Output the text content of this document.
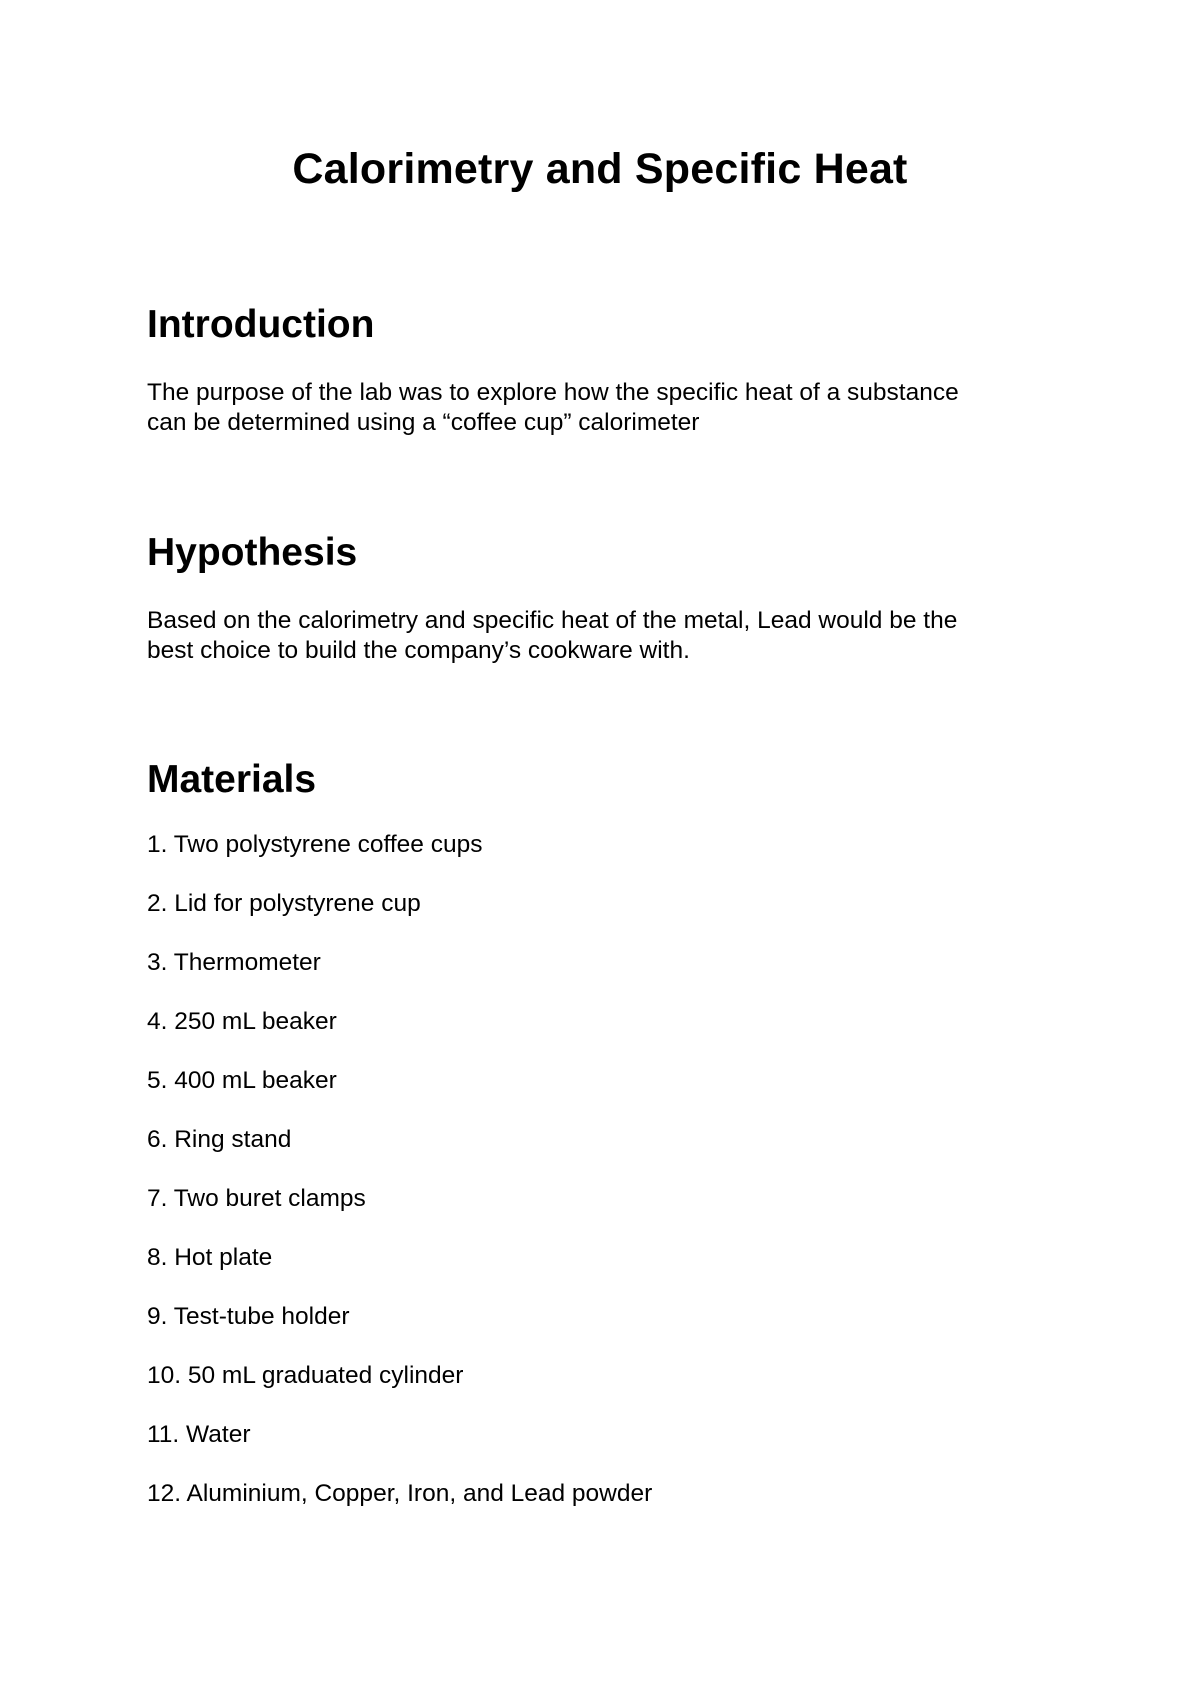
Calorimetry and Specific Heat
Introduction

The purpose of the lab was to explore how the specific heat of a substance
can be determined using a “coffee cup” calorimeter

Hypothesis

Based on the calorimetry and specific heat of the metal, Lead would be the
best choice to build the company’s cookware with.

Materials
1. Two polystyrene coffee cups
2. Lid for polystyrene cup
3. Thermometer
4. 250 mL beaker
5. 400 mL beaker
6. Ring stand
7. Two buret clamps
8. Hot plate
9. Test-tube holder
10. 50 mL graduated cylinder
11. Water
12. Aluminium, Copper, Iron, and Lead powder
